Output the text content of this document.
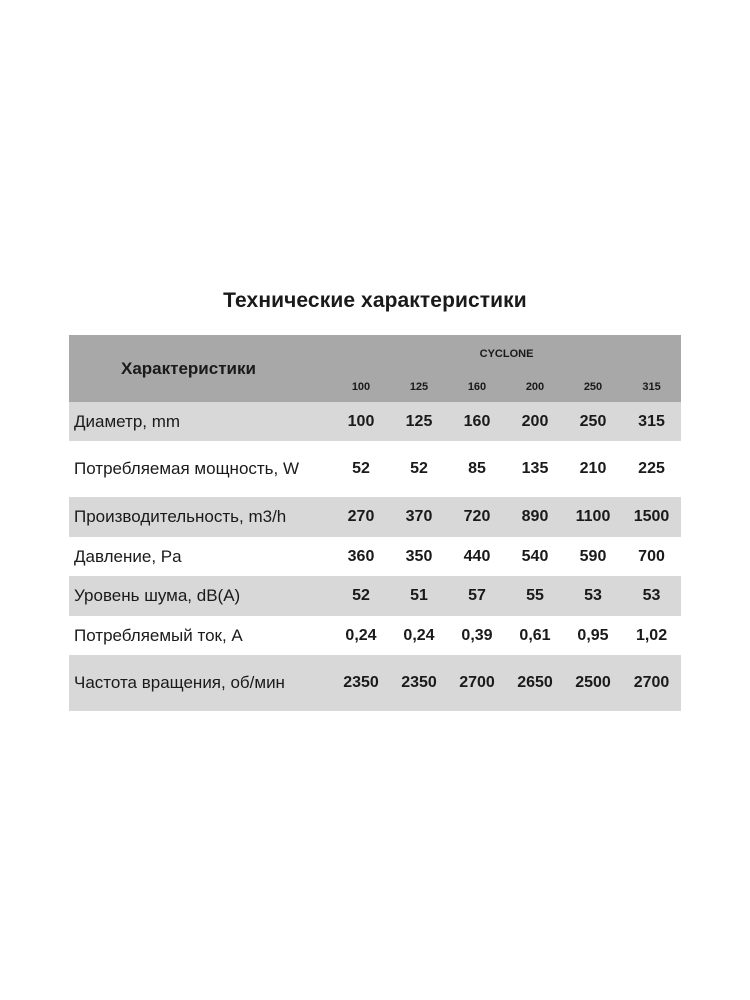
Технические характеристики
Характеристики	CYCLONE					
	100	125	160	200	250	315
Диаметр, mm	100	125	160	200	250	315
Потребляемая мощность, W	52	52	85	135	210	225
Производительность, m3/h	270	370	720	890	1100	1500
Давление, Pa	360	350	440	540	590	700
Уровень шума, dB(A)	52	51	57	55	53	53
Потребляемый ток, А	0,24	0,24	0,39	0,61	0,95	1,02
Частота вращения, об/мин	2350	2350	2700	2650	2500	2700
